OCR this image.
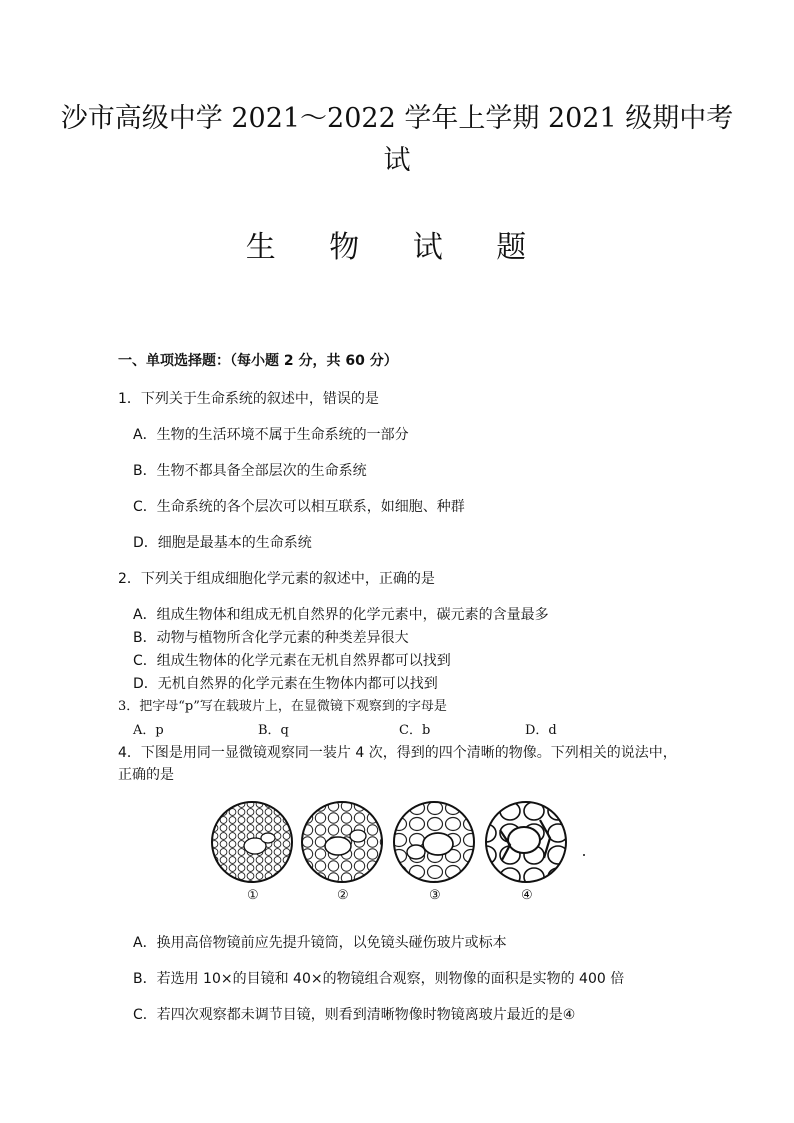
沙市高级中学 2021～2022 学年上学期 2021 级期中考
试
生 物 试 题
一、单项选择题：（每小题 2 分，共 60 分）
1．下列关于生命系统的叙述中，错误的是
A．生物的生活环境不属于生命系统的一部分
B．生物不都具备全部层次的生命系统
C．生命系统的各个层次可以相互联系，如细胞、种群
D．细胞是最基本的生命系统
2．下列关于组成细胞化学元素的叙述中，正确的是
A．组成生物体和组成无机自然界的化学元素中，碳元素的含量最多
B．动物与植物所含化学元素的种类差异很大
C．组成生物体的化学元素在无机自然界都可以找到
D．无机自然界的化学元素在生物体内都可以找到
3．把字母“p”写在载玻片上，在显微镜下观察到的字母是
A．p	B．q	C．b	D．d
4．下图是用同一显微镜观察同一装片 4 次，得到的四个清晰的物像。下列相关的说法中，
正确的是
①	②	③	④
A．换用高倍物镜前应先提升镜筒，以免镜头碰伤玻片或标本
B．若选用 10×的目镜和 40×的物镜组合观察，则物像的面积是实物的 400 倍
C．若四次观察都未调节目镜，则看到清晰物像时物镜离玻片最近的是④
